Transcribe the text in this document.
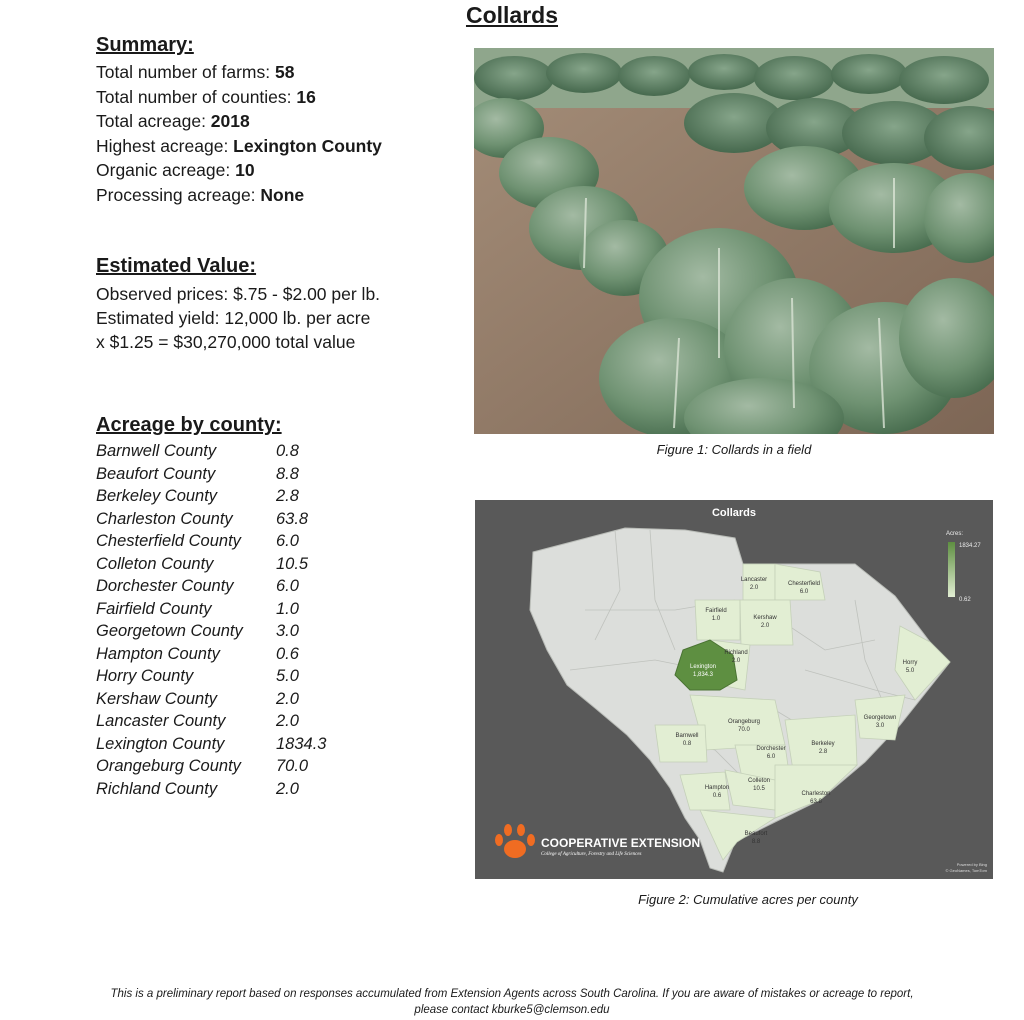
Collards
Summary:
Total number of farms: 58
Total number of counties: 16
Total acreage: 2018
Highest acreage: Lexington County
Organic acreage: 10
Processing acreage: None
Estimated Value:
Observed prices: $.75 - $2.00 per lb.
Estimated yield: 12,000 lb. per acre
x $1.25 = $30,270,000 total value
Acreage by county:
Barnwell County	0.8
Beaufort County	8.8
Berkeley County	2.8
Charleston County	63.8
Chesterfield County 6.0
Colleton County	10.5
Dorchester County	6.0
Fairfield County	1.0
Georgetown County 3.0
Hampton County	0.6
Horry County	5.0
Kershaw County	2.0
Lancaster County	2.0
Lexington County	1834.3
Orangeburg County 70.0
Richland County	2.0
Figure 1: Collards in a field
Collards
Lancaster
2.0
Chesterfield
6.0
Fairfield
1.0	Kershaw
2.0
Richland
2.0
Lexington
1,834.3
Horry
5.0
Orangeburg
70.0
Georgetown
3.0
Barnwell
0.8
Dorchester
6.0
Berkeley
2.8
Colleton
10.5
Hampton
0.6	Charleston
63.8
Beaufort
8.8
Acres:
1834.27
0.62
COOPERATIVE EXTENSION
College of Agriculture, Forestry and Life Sciences
Powered by Bing
© GeoNames, TomTom
Figure 2: Cumulative acres per county
This is a preliminary report based on responses accumulated from Extension Agents across South Carolina. If you are aware of mistakes or acreage to report, please contact kburke5@clemson.edu
